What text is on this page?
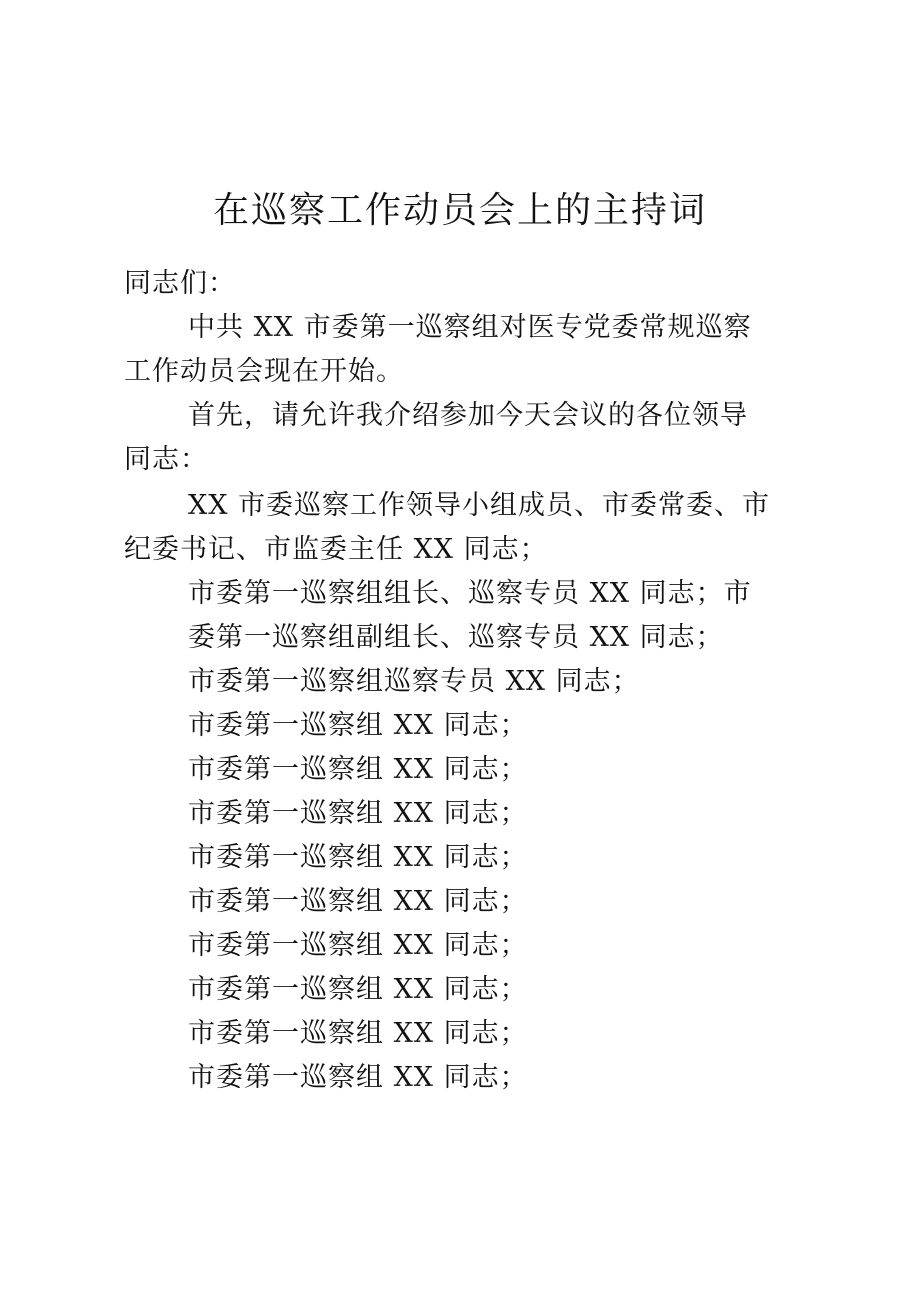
在巡察工作动员会上的主持词
同志们：
中共 XX 市委第一巡察组对医专党委常规巡察
工作动员会现在开始。
首先，请允许我介绍参加今天会议的各位领导
同志：
XX 市委巡察工作领导小组成员、市委常委、市
纪委书记、市监委主任 XX 同志；
市委第一巡察组组长、巡察专员 XX 同志；市
委第一巡察组副组长、巡察专员 XX 同志；
市委第一巡察组巡察专员 XX 同志；
市委第一巡察组 XX 同志；
市委第一巡察组 XX 同志；
市委第一巡察组 XX 同志；
市委第一巡察组 XX 同志；
市委第一巡察组 XX 同志；
市委第一巡察组 XX 同志；
市委第一巡察组 XX 同志；
市委第一巡察组 XX 同志；
市委第一巡察组 XX 同志；
